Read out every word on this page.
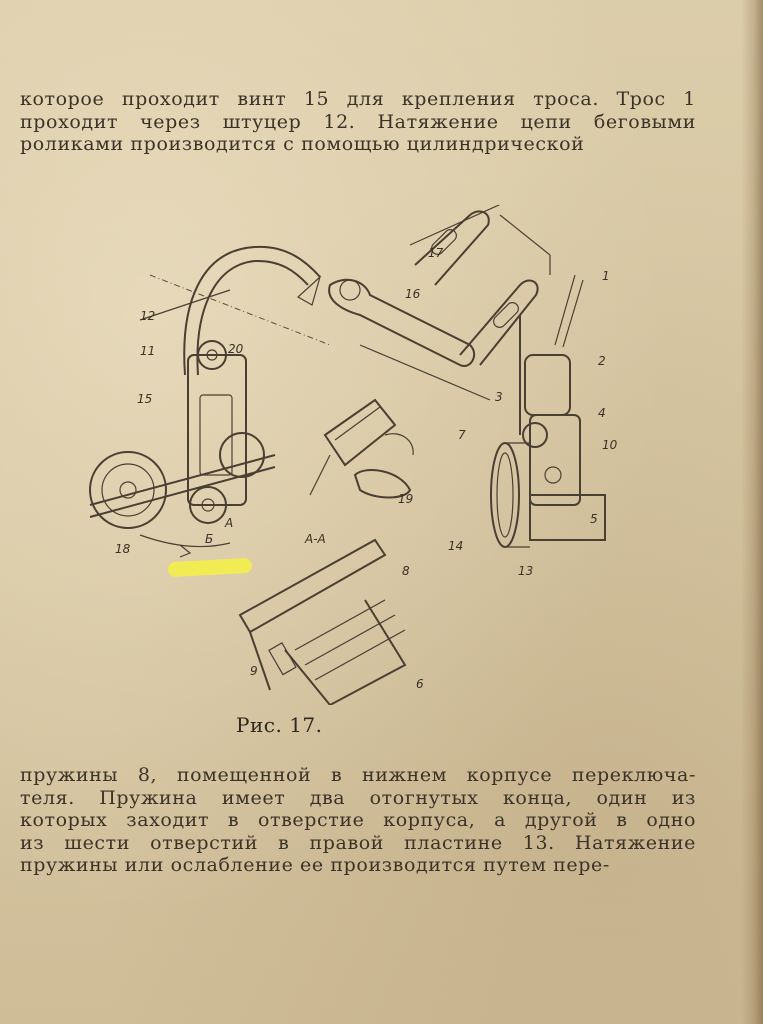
которое проходит винт 15 для крепления троса. Трос 1
проходит через штуцер 12. Натяжение цепи беговыми
роликами производится с помощью цилиндрической
12
11	20
15
18
Б
A
17
16
19
1
2
3
4
10
7
5
14
13
A-A
8
9
6
Рис. 17.
пружины 8, помещенной в нижнем корпусе переключа-
теля. Пружина имеет два отогнутых конца, один из
которых заходит в отверстие корпуса, а другой в одно
из шести отверстий в правой пластине 13. Натяжение
пружины или ослабление ее производится путем пере-
